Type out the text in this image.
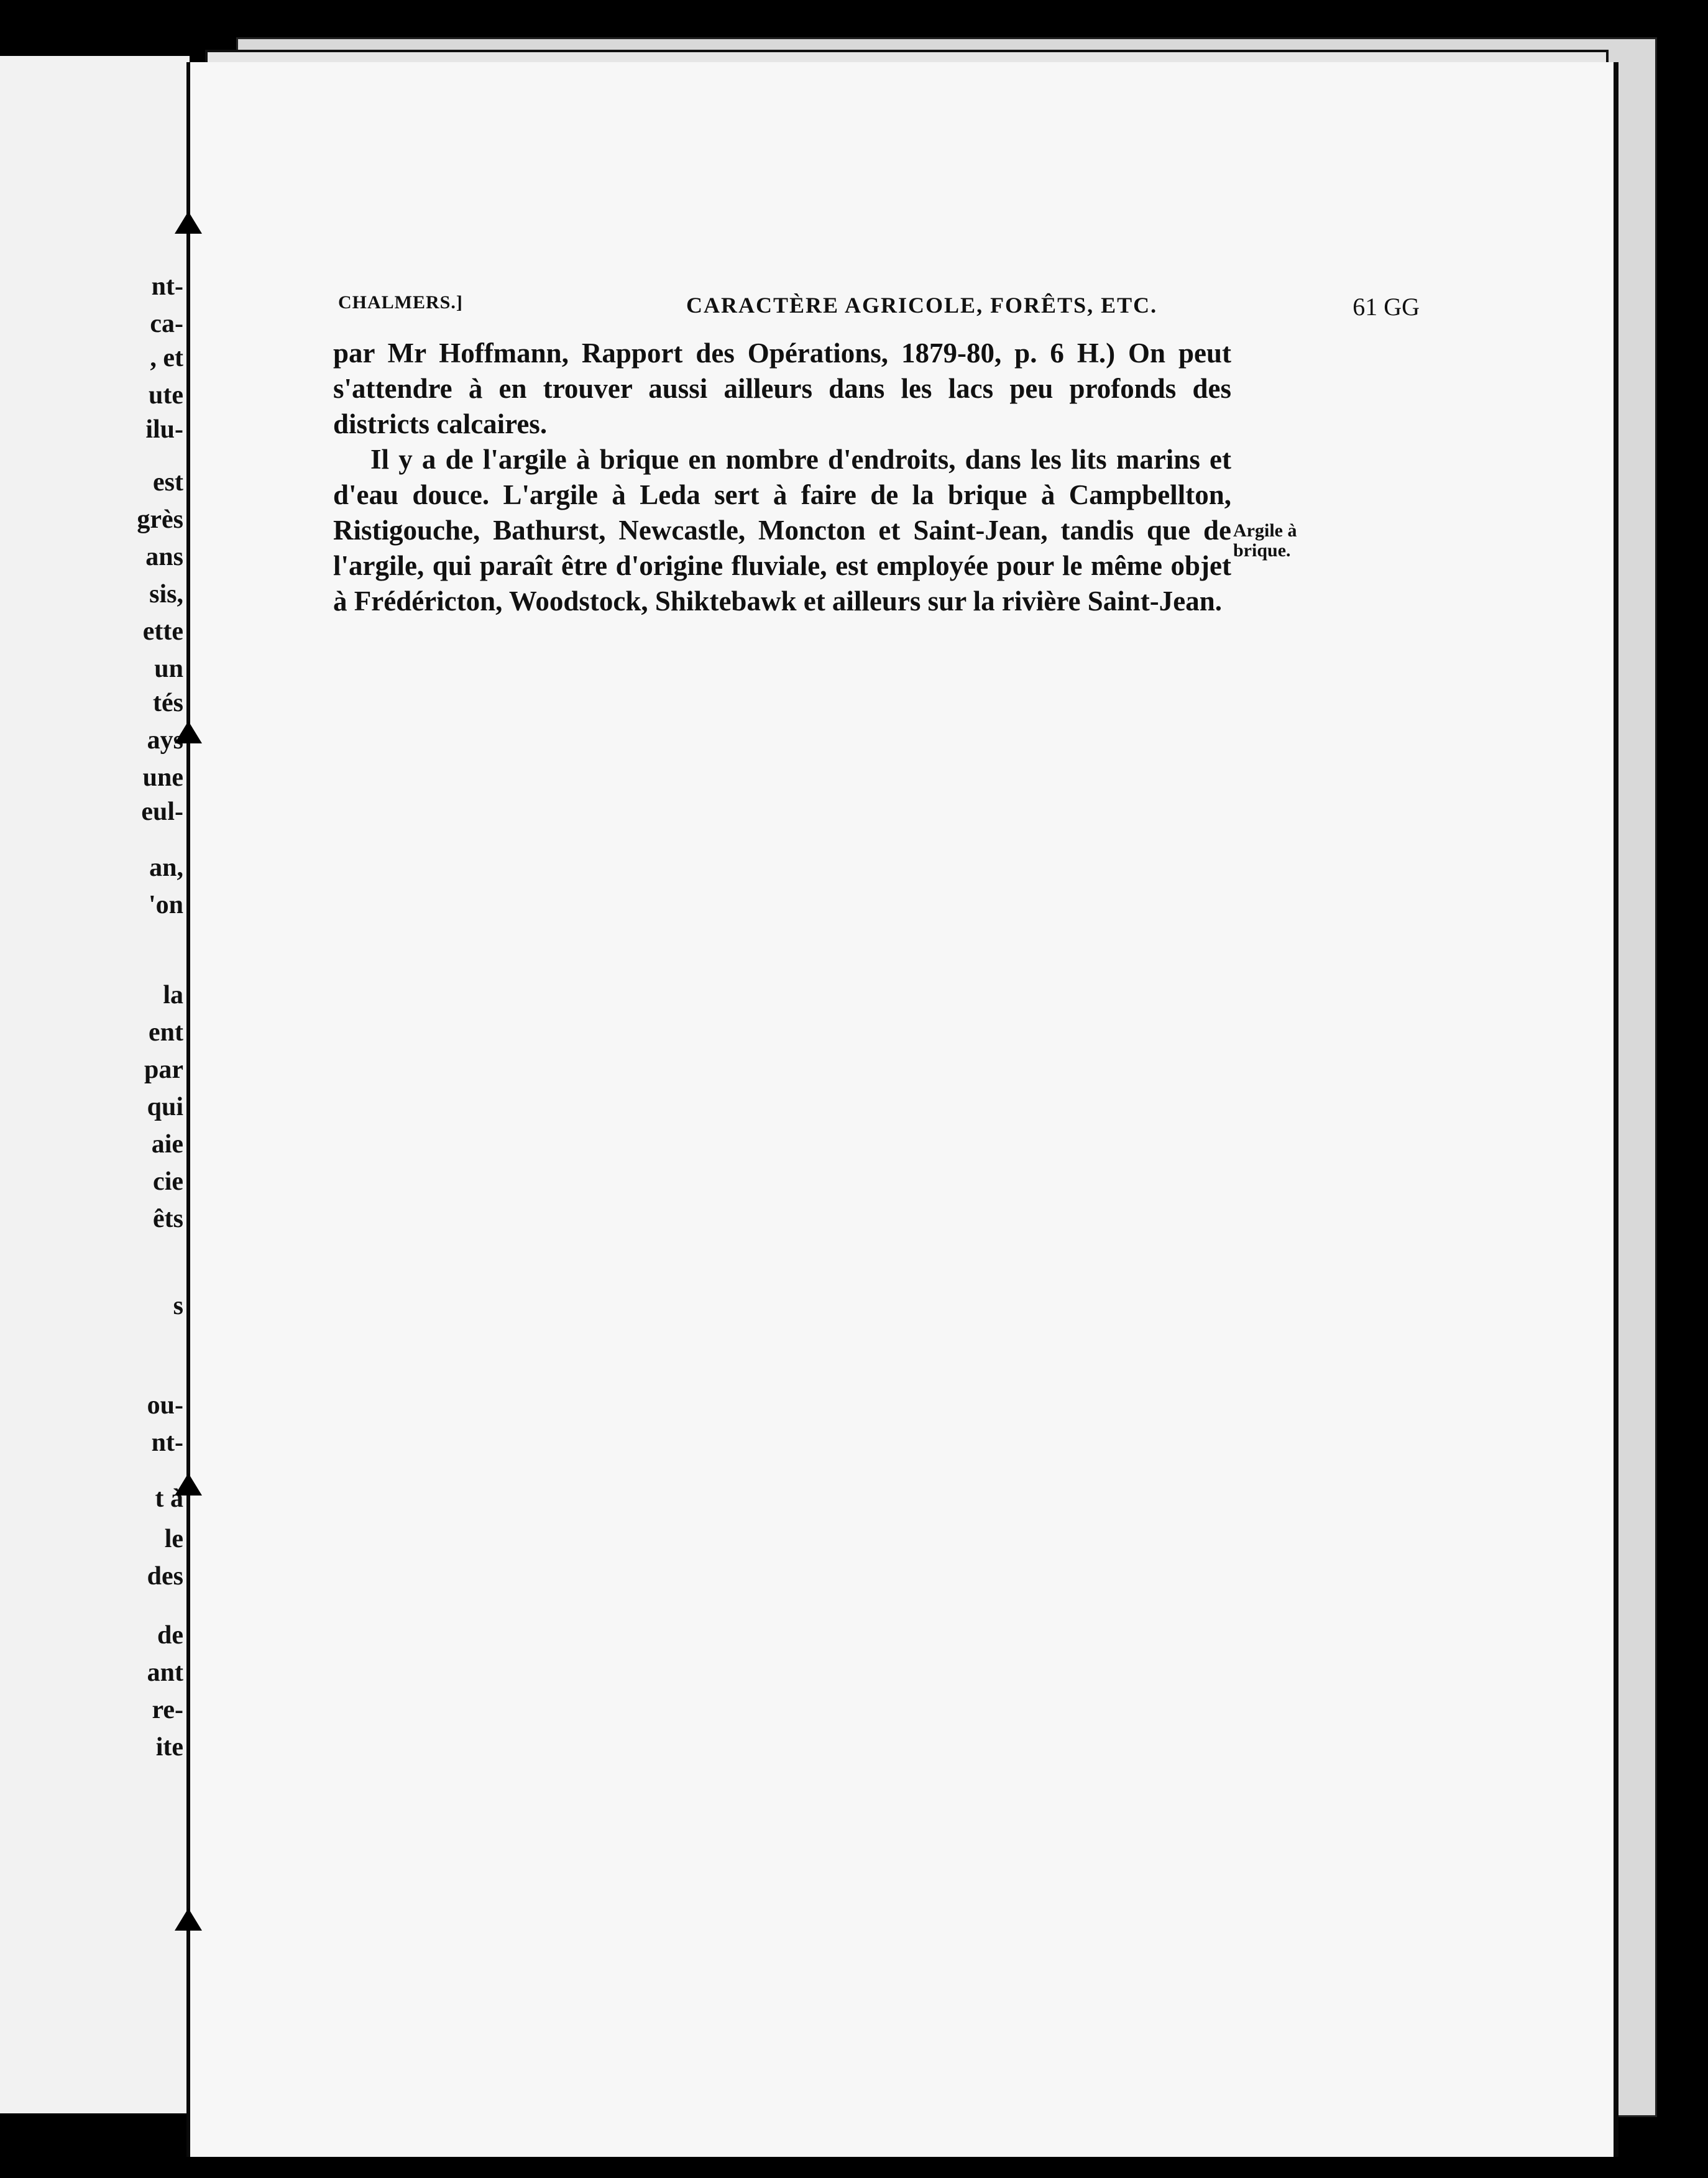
nt-
ca-
, et
ute
ilu-
est
grès
ans
sis,
ette
un
tés
ays
une
eul-
an,
'on
la
ent
par
qui
aie
cie
êts
s
ou-
nt-
t à
le
des
de
ant
re-
ite
CHALMERS.]	CARACTÈRE AGRICOLE, FORÊTS, ETC.	61 GG

par Mr Hoffmann, Rapport des Opérations, 1879-80, p. 6 H.) On peut s'attendre à en trouver aussi ailleurs dans les lacs peu profonds des districts calcaires.

Il y a de l'argile à brique en nombre d'endroits, dans les lits marins et d'eau douce. L'argile à Leda sert à faire de la brique à Campbellton, Ristigouche, Bathurst, Newcastle, Moncton et Saint-Jean, tandis que de l'argile, qui paraît être d'origine fluviale, est employée pour le même objet à Frédéricton, Woodstock, Shiktebawk et ailleurs sur la rivière Saint-Jean.

Argile à
brique.
